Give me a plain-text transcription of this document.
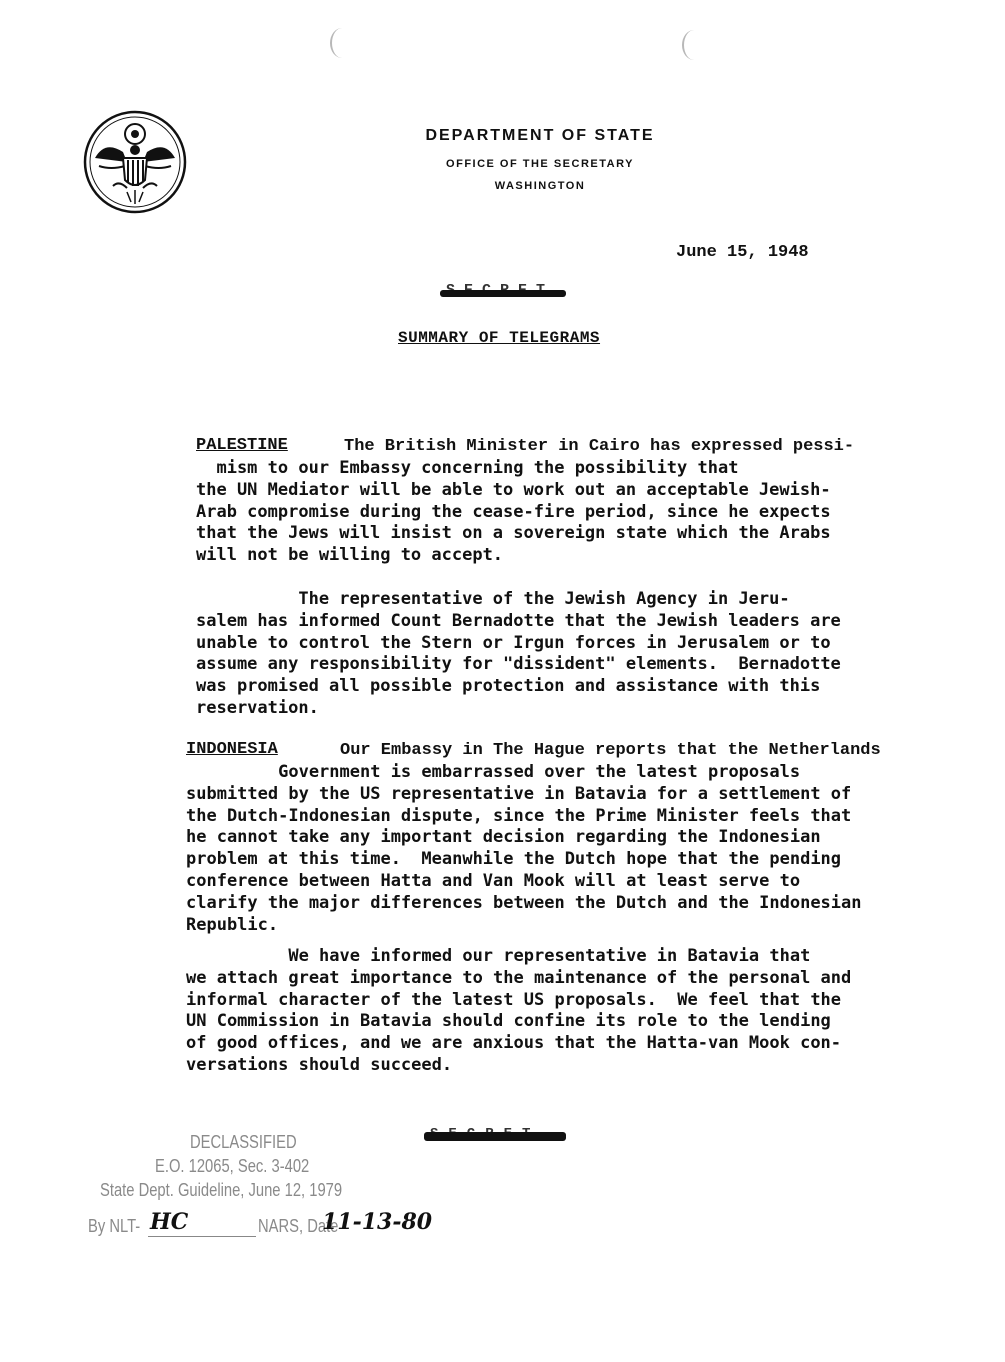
DEPARTMENT OF STATE
OFFICE OF THE SECRETARY
WASHINGTON
June 15, 1948
SUMMARY OF TELEGRAMS
PALESTINE	The British Minister in Cairo has expressed pessi-
mism to our Embassy concerning the possibility that
the UN Mediator will be able to work out an acceptable Jewish-
Arab compromise during the cease-fire period, since he expects
that the Jews will insist on a sovereign state which the Arabs
will not be willing to accept.
The representative of the Jewish Agency in Jeru-
salem has informed Count Bernadotte that the Jewish leaders are
unable to control the Stern or Irgun forces in Jerusalem or to
assume any responsibility for "dissident" elements.  Bernadotte
was promised all possible protection and assistance with this
reservation.
INDONESIA	Our Embassy in The Hague reports that the Netherlands
Government is embarrassed over the latest proposals
submitted by the US representative in Batavia for a settlement of
the Dutch-Indonesian dispute, since the Prime Minister feels that
he cannot take any important decision regarding the Indonesian
problem at this time.  Meanwhile the Dutch hope that the pending
conference between Hatta and Van Mook will at least serve to
clarify the major differences between the Dutch and the Indonesian
Republic.
We have informed our representative in Batavia that
we attach great importance to the maintenance of the personal and
informal character of the latest US proposals.  We feel that the
UN Commission in Batavia should confine its role to the lending
of good offices, and we are anxious that the Hatta-van Mook con-
versations should succeed.
DECLASSIFIED
E.O. 12065, Sec. 3-402
State Dept. Guideline, June 12, 1979
By NLT- HC	NARS, Date
11-13-80
